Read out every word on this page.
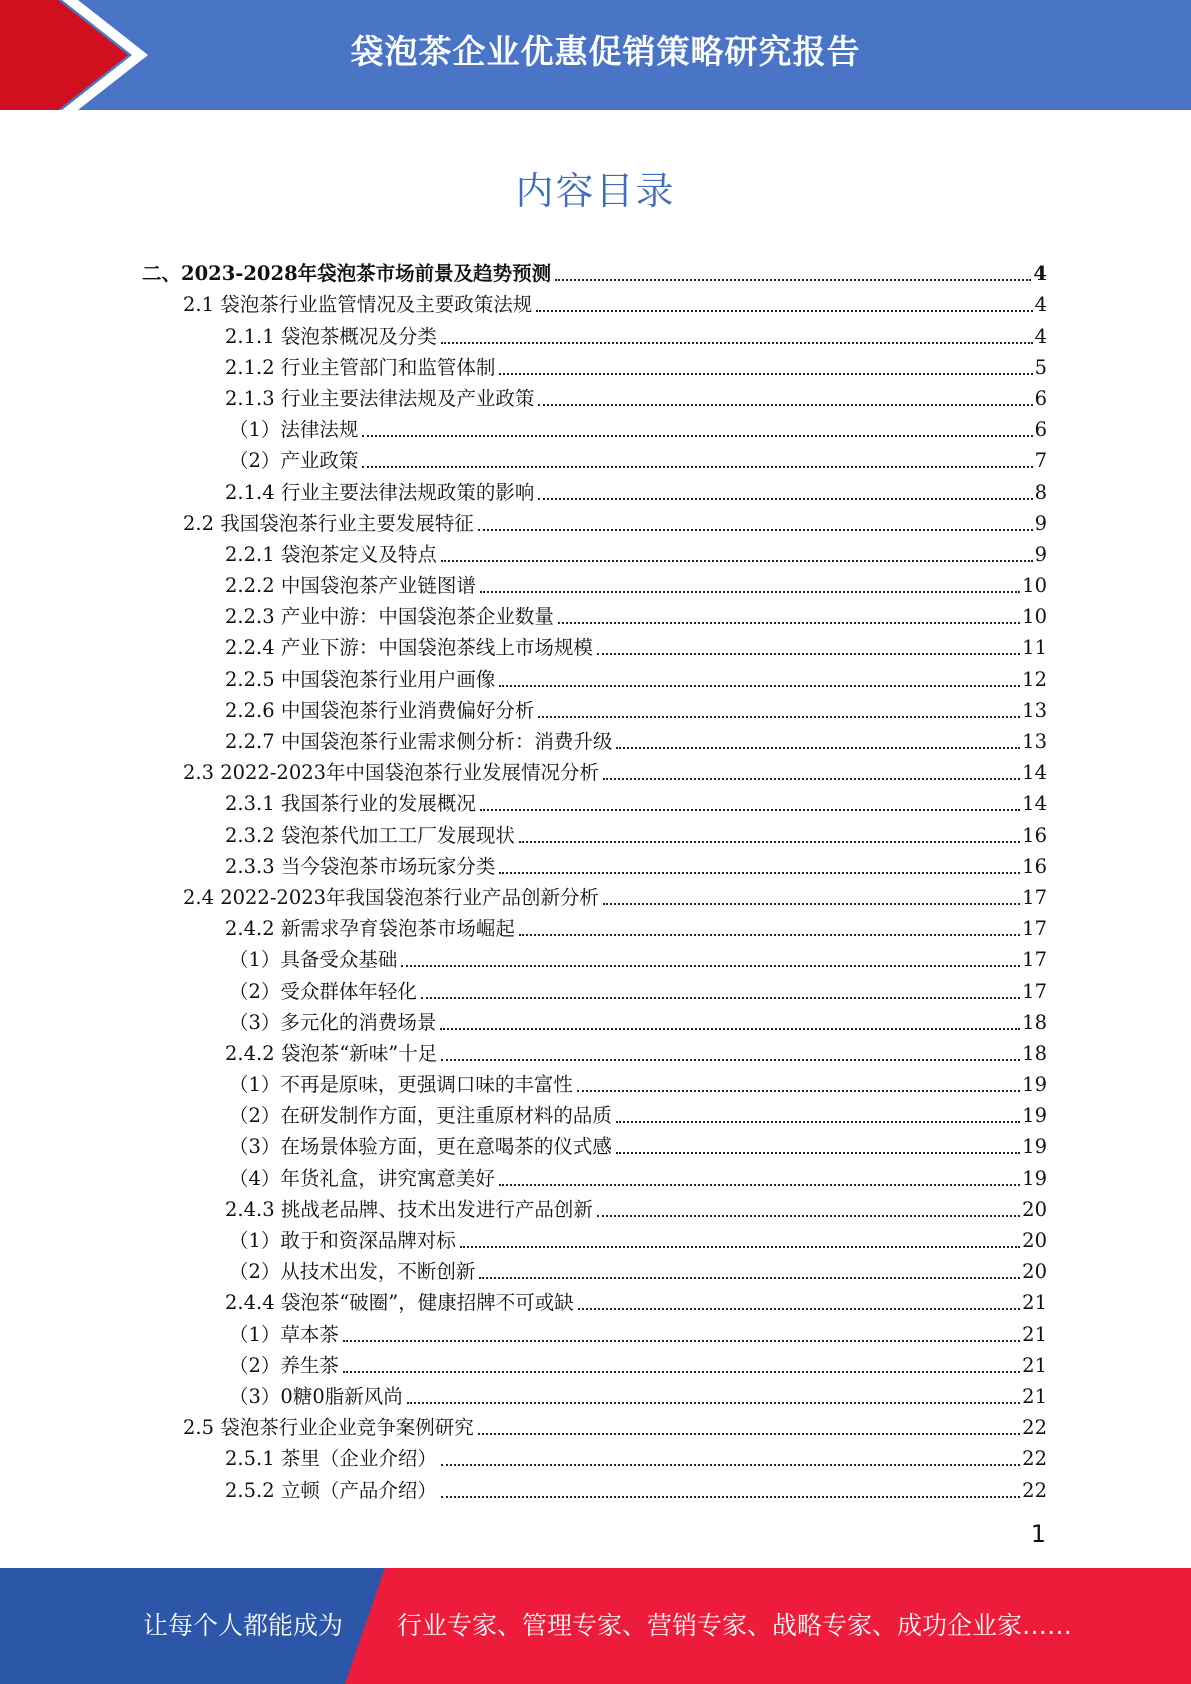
袋泡茶企业优惠促销策略研究报告
内容目录
二、2023-2028年袋泡茶市场前景及趋势预测	4
2.1 袋泡茶行业监管情况及主要政策法规	4
2.1.1 袋泡茶概况及分类	4
2.1.2 行业主管部门和监管体制	5
2.1.3 行业主要法律法规及产业政策	6
（1）法律法规	6
（2）产业政策	7
2.1.4 行业主要法律法规政策的影响	8
2.2 我国袋泡茶行业主要发展特征	9
2.2.1 袋泡茶定义及特点	9
2.2.2 中国袋泡茶产业链图谱	10
2.2.3 产业中游：中国袋泡茶企业数量	10
2.2.4 产业下游：中国袋泡茶线上市场规模	11
2.2.5 中国袋泡茶行业用户画像	12
2.2.6 中国袋泡茶行业消费偏好分析	13
2.2.7 中国袋泡茶行业需求侧分析：消费升级	13
2.3 2022-2023年中国袋泡茶行业发展情况分析	14
2.3.1 我国茶行业的发展概况	14
2.3.2 袋泡茶代加工工厂发展现状	16
2.3.3 当今袋泡茶市场玩家分类	16
2.4 2022-2023年我国袋泡茶行业产品创新分析	17
2.4.2 新需求孕育袋泡茶市场崛起	17
（1）具备受众基础	17
（2）受众群体年轻化	17
（3）多元化的消费场景	18
2.4.2 袋泡茶“新味”十足	18
（1）不再是原味，更强调口味的丰富性	19
（2）在研发制作方面，更注重原材料的品质	19
（3）在场景体验方面，更在意喝茶的仪式感	19
（4）年货礼盒，讲究寓意美好	19
2.4.3 挑战老品牌、技术出发进行产品创新	20
（1）敢于和资深品牌对标	20
（2）从技术出发，不断创新	20
2.4.4 袋泡茶“破圈”，健康招牌不可或缺	21
（1）草本茶	21
（2）养生茶	21
（3）0糖0脂新风尚	21
2.5 袋泡茶行业企业竞争案例研究	22
2.5.1 茶里（企业介绍）	22
2.5.2 立顿（产品介绍）	22
1
让每个人都能成为 行业专家、管理专家、营销专家、战略专家、成功企业家……
